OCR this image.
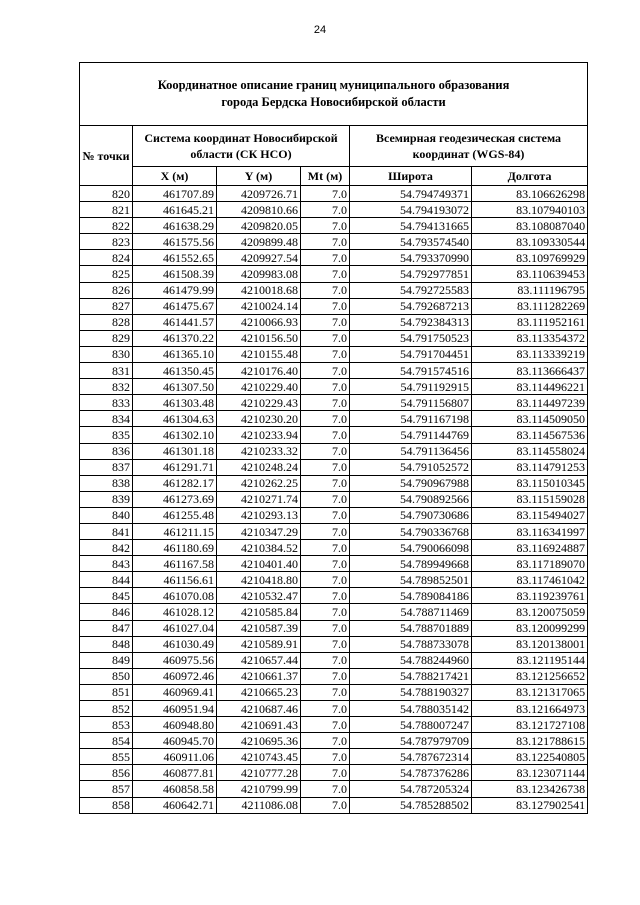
24
Координатное описание границ муниципального образования
города Бердска Новосибирской области					

№ точки	Система координат Новосибирской области (СК НСО)			Всемирная геодезическая система координат (WGS-84)	
	X (м)	Y (м)	Mt (м)	Широта	Долгота
820	461707.89	4209726.71	7.0	54.794749371	83.106626298
821	461645.21	4209810.66	7.0	54.794193072	83.107940103
822	461638.29	4209820.05	7.0	54.794131665	83.108087040
823	461575.56	4209899.48	7.0	54.793574540	83.109330544
824	461552.65	4209927.54	7.0	54.793370990	83.109769929
825	461508.39	4209983.08	7.0	54.792977851	83.110639453
826	461479.99	4210018.68	7.0	54.792725583	83.111196795
827	461475.67	4210024.14	7.0	54.792687213	83.111282269
828	461441.57	4210066.93	7.0	54.792384313	83.111952161
829	461370.22	4210156.50	7.0	54.791750523	83.113354372
830	461365.10	4210155.48	7.0	54.791704451	83.113339219
831	461350.45	4210176.40	7.0	54.791574516	83.113666437
832	461307.50	4210229.40	7.0	54.791192915	83.114496221
833	461303.48	4210229.43	7.0	54.791156807	83.114497239
834	461304.63	4210230.20	7.0	54.791167198	83.114509050
835	461302.10	4210233.94	7.0	54.791144769	83.114567536
836	461301.18	4210233.32	7.0	54.791136456	83.114558024
837	461291.71	4210248.24	7.0	54.791052572	83.114791253
838	461282.17	4210262.25	7.0	54.790967988	83.115010345
839	461273.69	4210271.74	7.0	54.790892566	83.115159028
840	461255.48	4210293.13	7.0	54.790730686	83.115494027
841	461211.15	4210347.29	7.0	54.790336768	83.116341997
842	461180.69	4210384.52	7.0	54.790066098	83.116924887
843	461167.58	4210401.40	7.0	54.789949668	83.117189070
844	461156.61	4210418.80	7.0	54.789852501	83.117461042
845	461070.08	4210532.47	7.0	54.789084186	83.119239761
846	461028.12	4210585.84	7.0	54.788711469	83.120075059
847	461027.04	4210587.39	7.0	54.788701889	83.120099299
848	461030.49	4210589.91	7.0	54.788733078	83.120138001
849	460975.56	4210657.44	7.0	54.788244960	83.121195144
850	460972.46	4210661.37	7.0	54.788217421	83.121256652
851	460969.41	4210665.23	7.0	54.788190327	83.121317065
852	460951.94	4210687.46	7.0	54.788035142	83.121664973
853	460948.80	4210691.43	7.0	54.788007247	83.121727108
854	460945.70	4210695.36	7.0	54.787979709	83.121788615
855	460911.06	4210743.45	7.0	54.787672314	83.122540805
856	460877.81	4210777.28	7.0	54.787376286	83.123071144
857	460858.58	4210799.99	7.0	54.787205324	83.123426738
858	460642.71	4211086.08	7.0	54.785288502	83.127902541
